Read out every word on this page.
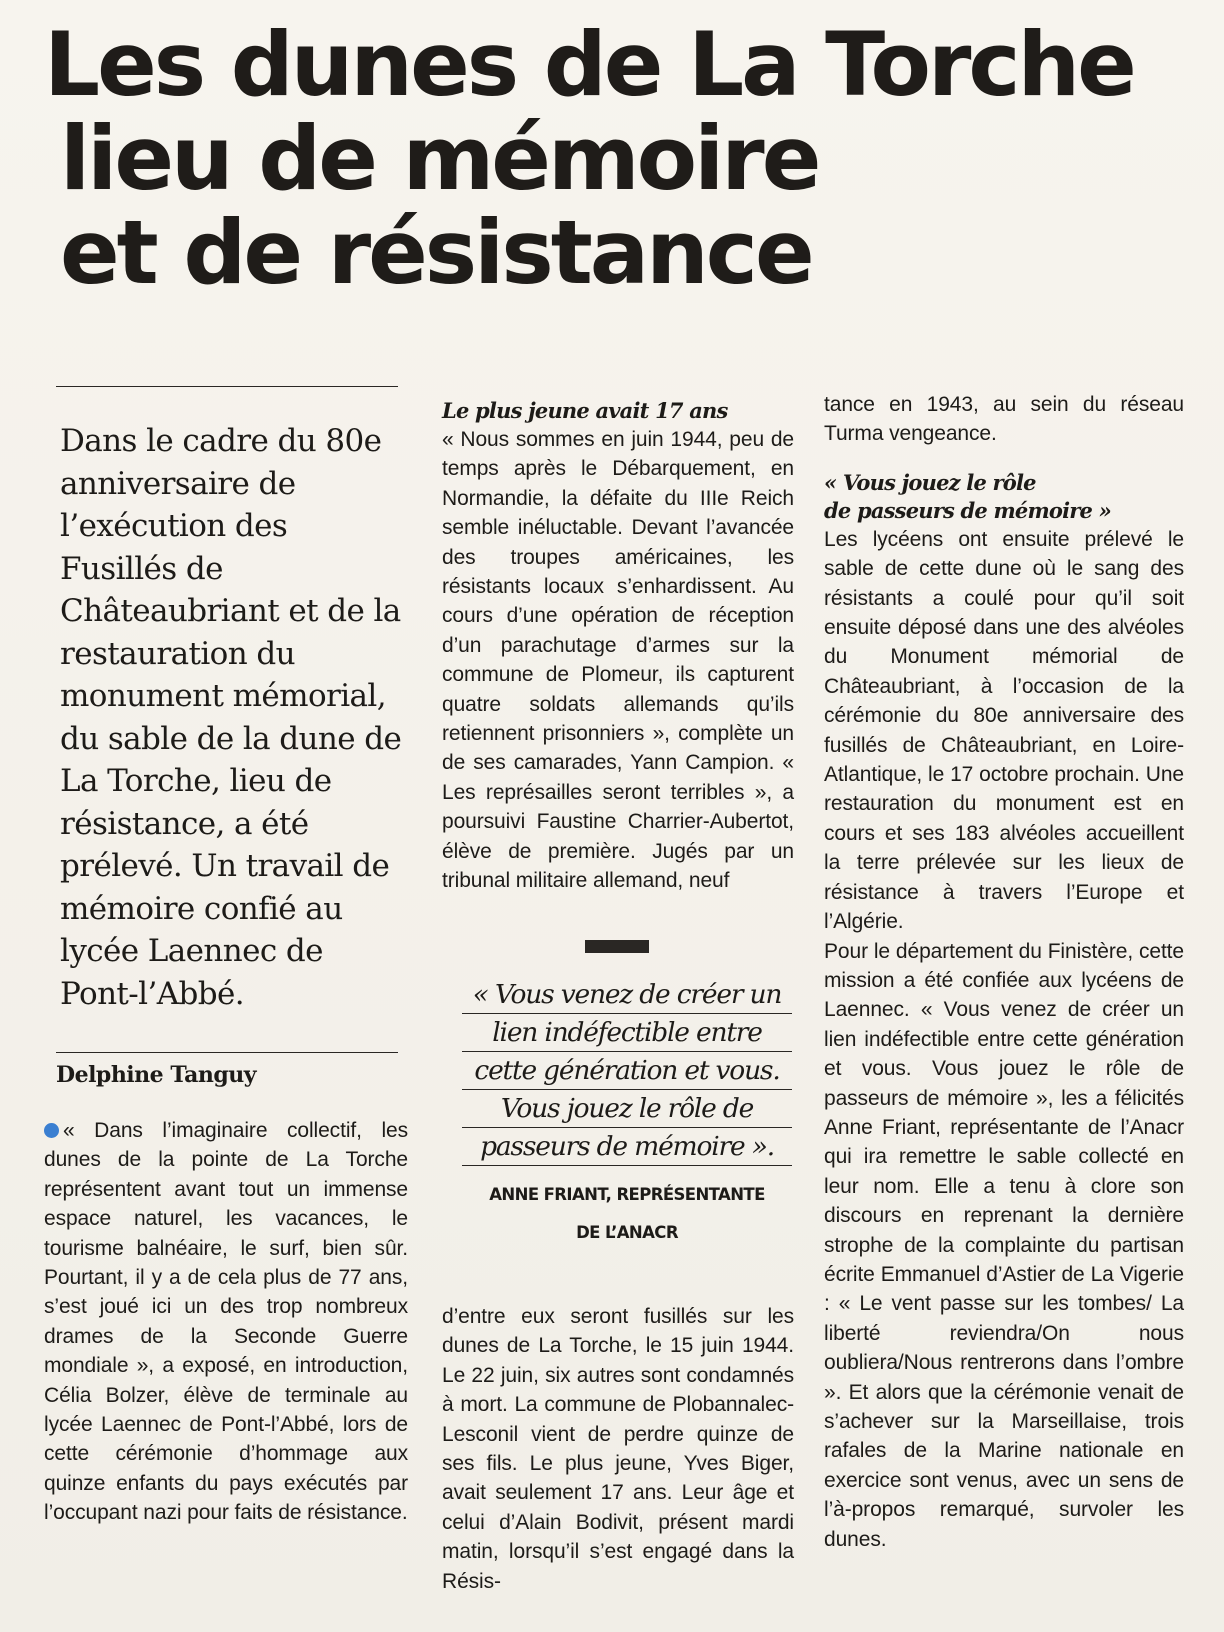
Les dunes de La Torche
lieu de mémoire
et de résistance

Dans le cadre du 80e anniversaire de l’exécution des Fusillés de Châteaubriant et de la restauration du monument mémorial, du sable de la dune de La Torche, lieu de résistance, a été prélevé. Un travail de mémoire confié au lycée Laennec de Pont-l’Abbé.

Delphine Tanguy

« Dans l’imaginaire collectif, les dunes de la pointe de La Torche représentent avant tout un immense espace naturel, les vacances, le tourisme balnéaire, le surf, bien sûr. Pourtant, il y a de cela plus de 77 ans, s’est joué ici un des trop nombreux drames de la Seconde Guerre mondiale », a exposé, en introduction, Célia Bolzer, élève de terminale au lycée Laennec de Pont-l’Abbé, lors de cette cérémonie d’hommage aux quinze enfants du pays exécutés par l’occupant nazi pour faits de résistance.

Le plus jeune avait 17 ans

« Nous sommes en juin 1944, peu de temps après le Débarquement, en Normandie, la défaite du IIIe Reich semble inéluctable. Devant l’avancée des troupes américaines, les résistants locaux s’enhardissent. Au cours d’une opération de réception d’un parachutage d’armes sur la commune de Plomeur, ils capturent quatre soldats allemands qu’ils retiennent prisonniers », complète un de ses camarades, Yann Campion. « Les représailles seront terribles », a poursuivi Faustine Charrier-Aubertot, élève de première. Jugés par un tribunal militaire allemand, neuf

« Vous venez de créer un
lien indéfectible entre
cette génération et vous.
Vous jouez le rôle de
passeurs de mémoire ».

ANNE FRIANT, REPRÉSENTANTE
DE L’ANACR

d’entre eux seront fusillés sur les dunes de La Torche, le 15 juin 1944. Le 22 juin, six autres sont condamnés à mort. La commune de Plobannalec-Lesconil vient de perdre quinze de ses fils. Le plus jeune, Yves Biger, avait seulement 17 ans. Leur âge et celui d’Alain Bodivit, présent mardi matin, lorsqu’il s’est engagé dans la Résis-

tance en 1943, au sein du réseau Turma vengeance.

« Vous jouez le rôle
de passeurs de mémoire »

Les lycéens ont ensuite prélevé le sable de cette dune où le sang des résistants a coulé pour qu’il soit ensuite déposé dans une des alvéoles du Monument mémorial de Châteaubriant, à l’occasion de la cérémonie du 80e anniversaire des fusillés de Châteaubriant, en Loire-Atlantique, le 17 octobre prochain. Une restauration du monument est en cours et ses 183 alvéoles accueillent la terre prélevée sur les lieux de résistance à travers l’Europe et l’Algérie.

Pour le département du Finistère, cette mission a été confiée aux lycéens de Laennec. « Vous venez de créer un lien indéfectible entre cette génération et vous. Vous jouez le rôle de passeurs de mémoire », les a félicités Anne Friant, représentante de l’Anacr qui ira remettre le sable collecté en leur nom. Elle a tenu à clore son discours en reprenant la dernière strophe de la complainte du partisan écrite Emmanuel d’Astier de La Vigerie : « Le vent passe sur les tombes/ La liberté reviendra/On nous oubliera/Nous rentrerons dans l’ombre ». Et alors que la cérémonie venait de s’achever sur la Marseillaise, trois rafales de la Marine nationale en exercice sont venus, avec un sens de l’à-propos remarqué, survoler les dunes.
